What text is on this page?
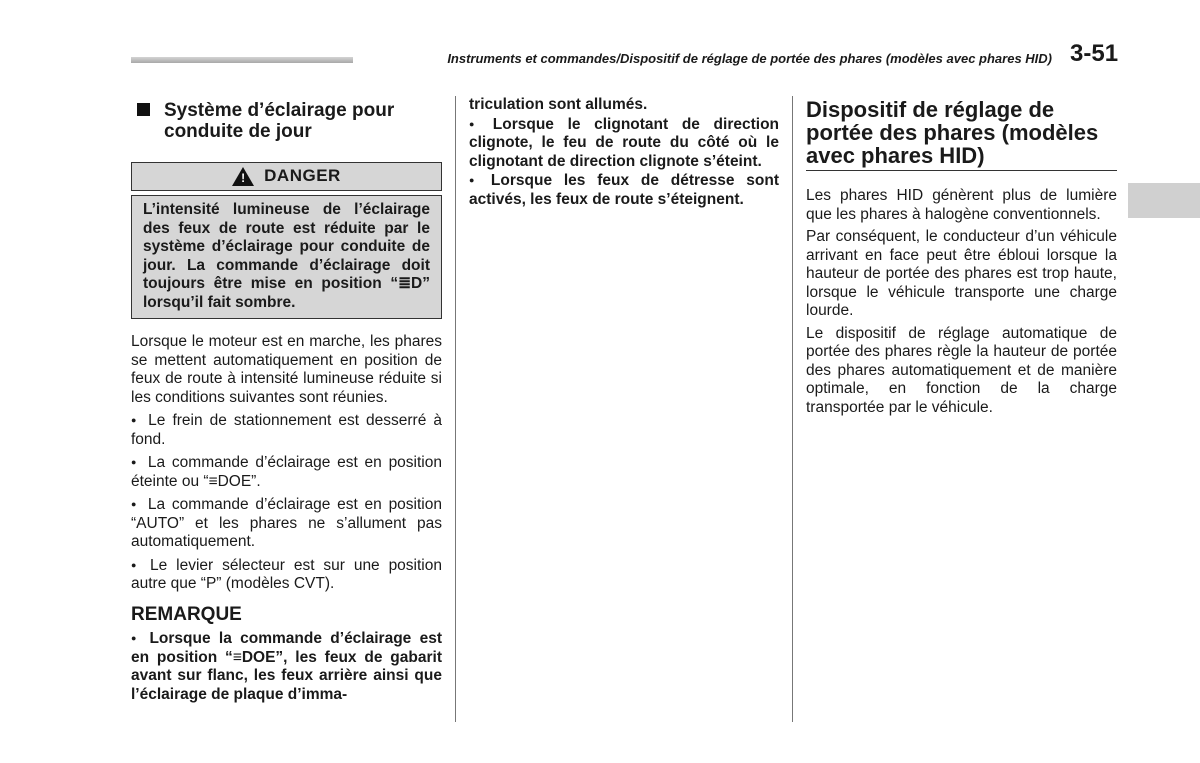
Instruments et commandes/Dispositif de réglage de portée des phares (modèles avec phares HID) 3-51
Système d’éclairage pour conduite de jour
! DANGER

L’intensité lumineuse de l’éclairage des feux de route est réduite par le système d’éclairage pour conduite de jour. La commande d’éclairage doit toujours être mise en position “≣D” lorsqu’il fait sombre.

Lorsque le moteur est en marche, les phares se mettent automatiquement en position de feux de route à intensité lumineuse réduite si les conditions suivantes sont réunies.

● Le frein de stationnement est desserré à fond.

● La commande d’éclairage est en position éteinte ou “≡DOE”.

● La commande d’éclairage est en position “AUTO” et les phares ne s’allument pas automatiquement.

● Le levier sélecteur est sur une position autre que “P” (modèles CVT).

REMARQUE

● Lorsque la commande d’éclairage est en position “≡DOE”, les feux de gabarit avant sur flanc, les feux arrière ainsi que l’éclairage de plaque d’imma-

triculation sont allumés.

● Lorsque le clignotant de direction clignote, le feu de route du côté où le clignotant de direction clignote s’éteint.

● Lorsque les feux de détresse sont activés, les feux de route s’éteignent.

Dispositif de réglage de portée des phares (modèles avec phares HID)

Les phares HID génèrent plus de lumière que les phares à halogène conventionnels.

Par conséquent, le conducteur d’un véhicule arrivant en face peut être ébloui lorsque la hauteur de portée des phares est trop haute, lorsque le véhicule transporte une charge lourde.

Le dispositif de réglage automatique de portée des phares règle la hauteur de portée des phares automatiquement et de manière optimale, en fonction de la charge transportée par le véhicule.
